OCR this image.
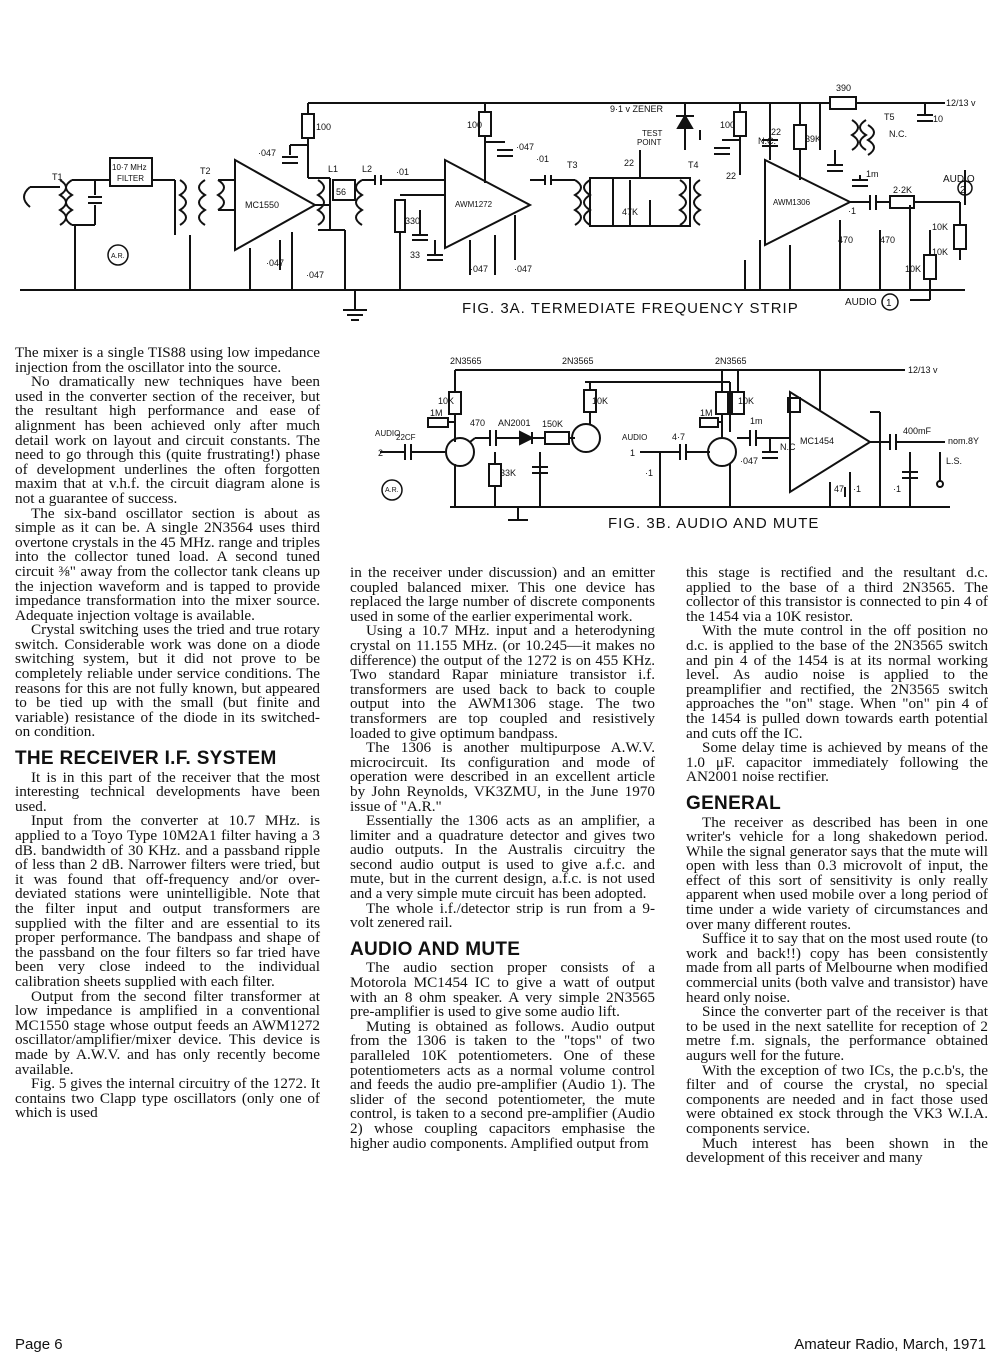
T1
10·7 MHz
FILTER
T2
MC1550
L1	L2
AWM1272
T3	T4
AWM1306
T5
9·1 v ZENER
TEST
POINT
12/13 v
390
100	100	100
·047
·047
·047
·047
·047	·047
·01
·01	22
22
22
47K
56
330
33
39K
1m
10
N.C.
N.C.
·1
2·2K
470	470
10K
10K
10K
AUDIO
2
AUDIO 1
A.R.
FIG. 3A. TERMEDIATE FREQUENCY STRIP
2N3565	2N3565	2N3565
12/13 v
AUDIO
2
22CF
1M
10K	10K	10K
470 AN2001 150K
33K
AUDIO
1
4·7
·1
·047
1M
1m
MC1454
400mF
nom.8Y
L.S.
N.C
47 ·1	·1
A.R.
FIG. 3B. AUDIO AND MUTE

The mixer is a single TIS88 using low impedance injection from the oscillator into the source.

No dramatically new techniques have been used in the converter section of the receiver, but the resultant high performance and ease of alignment has been achieved only after much detail work on layout and circuit constants. The need to go through this (quite frustrating!) phase of development underlines the often forgotten maxim that at v.h.f. the circuit diagram alone is not a guarantee of success.

The six-band oscillator section is about as simple as it can be. A single 2N3564 uses third overtone crystals in the 45 MHz. range and triples into the collector tuned load. A second tuned circuit ⅜" away from the collector tank cleans up the injection waveform and is tapped to provide impedance transformation into the mixer source. Adequate injection voltage is available.

Crystal switching uses the tried and true rotary switch. Considerable work was done on a diode switching system, but it did not prove to be completely reliable under service conditions. The reasons for this are not fully known, but appeared to be tied up with the small (but finite and variable) resistance of the diode in its switched-on condition.

THE RECEIVER I.F. SYSTEM

It is in this part of the receiver that the most interesting technical developments have been used.

Input from the converter at 10.7 MHz. is applied to a Toyo Type 10M2A1 filter having a 3 dB. bandwidth of 30 KHz. and a passband ripple of less than 2 dB. Narrower filters were tried, but it was found that off-frequency and/or over-deviated stations were unintelligible. Note that the filter input and output transformers are supplied with the filter and are essential to its proper performance. The bandpass and shape of the passband on the four filters so far tried have been very close indeed to the individual calibration sheets supplied with each filter.

Output from the second filter transformer at low impedance is amplified in a conventional MC1550 stage whose output feeds an AWM1272 oscillator/amplifier/mixer device. This device is made by A.W.V. and has only recently become available.

Fig. 5 gives the internal circuitry of the 1272. It contains two Clapp type oscillators (only one of which is used

in the receiver under discussion) and an emitter coupled balanced mixer. This one device has replaced the large number of discrete components used in some of the earlier experimental work.

Using a 10.7 MHz. input and a heterodyning crystal on 11.155 MHz. (or 10.245—it makes no difference) the output of the 1272 is on 455 KHz. Two standard Rapar miniature transistor i.f. transformers are used back to back to couple output into the AWM1306 stage. The two transformers are top coupled and resistively loaded to give optimum bandpass.

The 1306 is another multipurpose A.W.V. microcircuit. Its configuration and mode of operation were described in an excellent article by John Reynolds, VK3ZMU, in the June 1970 issue of "A.R."

Essentially the 1306 acts as an amplifier, a limiter and a quadrature detector and gives two audio outputs. In the Australis circuitry the second audio output is used to give a.f.c. and mute, but in the current design, a.f.c. is not used and a very simple mute circuit has been adopted.

The whole i.f./detector strip is run from a 9-volt zenered rail.

AUDIO AND MUTE

The audio section proper consists of a Motorola MC1454 IC to give a watt of output with an 8 ohm speaker. A very simple 2N3565 pre-amplifier is used to give some audio lift.

Muting is obtained as follows. Audio output from the 1306 is taken to the "tops" of two paralleled 10K potentiometers. One of these potentiometers acts as a normal volume control and feeds the audio pre-amplifier (Audio 1). The slider of the second potentiometer, the mute control, is taken to a second pre-amplifier (Audio 2) whose coupling capacitors emphasise the higher audio components. Amplified output from

this stage is rectified and the resultant d.c. applied to the base of a third 2N3565. The collector of this transistor is connected to pin 4 of the 1454 via a 10K resistor.

With the mute control in the off position no d.c. is applied to the base of the 2N3565 switch and pin 4 of the 1454 is at its normal working level. As audio noise is applied to the preamplifier and rectified, the 2N3565 switch approaches the "on" stage. When "on" pin 4 of the 1454 is pulled down towards earth potential and cuts off the IC.

Some delay time is achieved by means of the 1.0 μF. capacitor immediately following the AN2001 noise rectifier.

GENERAL

The receiver as described has been in one writer's vehicle for a long shakedown period. While the signal generator says that the mute will open with less than 0.3 microvolt of input, the effect of this sort of sensitivity is only really apparent when used mobile over a long period of time under a wide variety of circumstances and over many different routes.

Suffice it to say that on the most used route (to work and back!!) copy has been consistently made from all parts of Melbourne when modified commercial units (both valve and transistor) have heard only noise.

Since the converter part of the receiver is that to be used in the next satellite for reception of 2 metre f.m. signals, the performance obtained augurs well for the future.

With the exception of two ICs, the p.c.b's, the filter and of course the crystal, no special components are needed and in fact those used were obtained ex stock through the VK3 W.I.A. components service.

Much interest has been shown in the development of this receiver and many

Page 6	Amateur Radio, March, 1971
